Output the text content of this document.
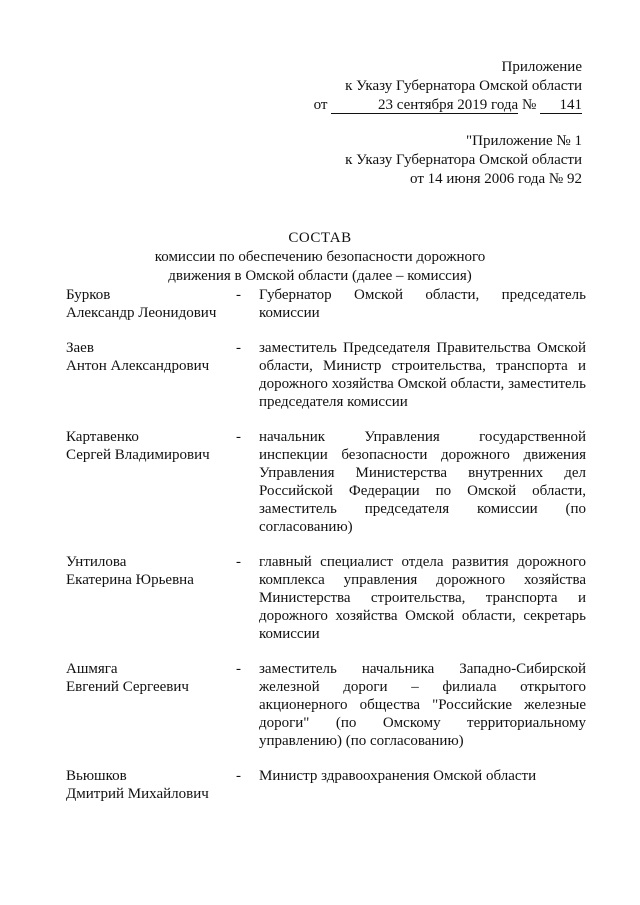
Приложение
к Указу Губернатора Омской области
от	23 сентября 2019 года № 141
"Приложение № 1
к Указу Губернатора Омской области
от 14 июня 2006 года № 92
СОСТАВ
комиссии по обеспечению безопасности дорожного
движения в Омской области (далее – комиссия)
Бурков
Александр Леонидович
-	Губернатор Омской области, председатель комиссии
Заев
Антон Александрович
-	заместитель Председателя Правительства Омской области, Министр строительства, транспорта и дорожного хозяйства Омской области, заместитель председателя комиссии
Картавенко
Сергей Владимирович
-	начальник Управления государственной инспекции безопасности дорожного движения Управления Министерства внутренних дел Российской Федерации по Омской области, заместитель председателя комиссии (по согласованию)
Унтилова
Екатерина Юрьевна
-	главный специалист отдела развития дорожного комплекса управления дорожного хозяйства Министерства строительства, транспорта и дорожного хозяйства Омской области, секретарь комиссии
Ашмяга
Евгений Сергеевич
-	заместитель начальника Западно-Сибирской железной дороги – филиала открытого акционерного общества "Российские железные дороги" (по Омскому территориальному управлению) (по согласованию)
Вьюшков
Дмитрий Михайлович
-	Министр здравоохранения Омской области
